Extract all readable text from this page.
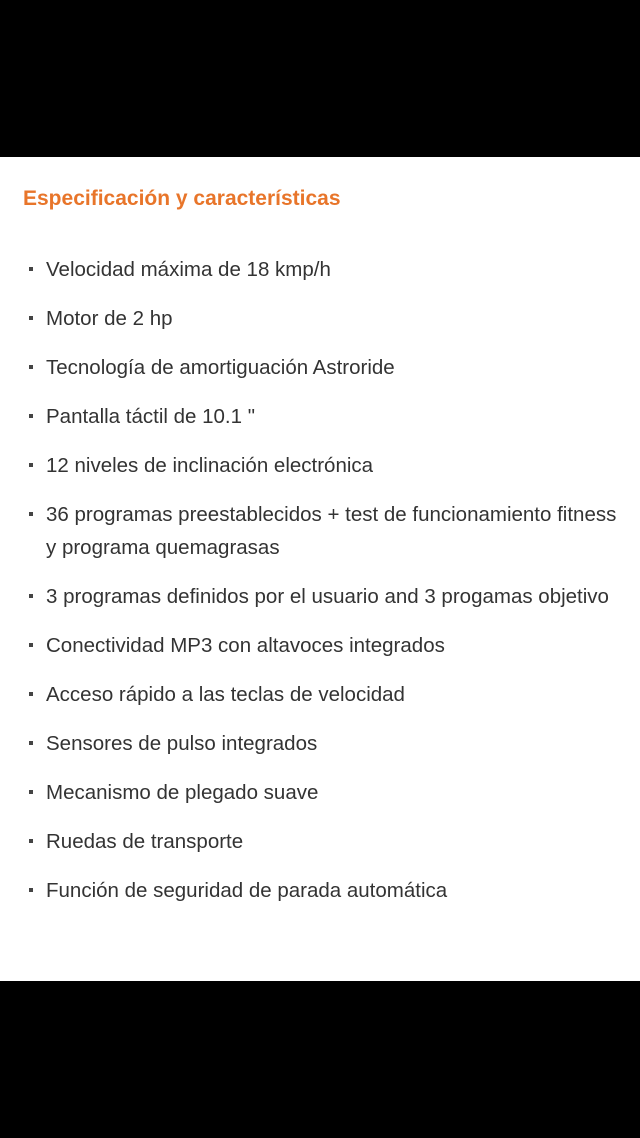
Especificación y características
Velocidad máxima de 18 kmp/h
Motor de 2 hp
Tecnología de amortiguación Astroride
Pantalla táctil de 10.1 "
12 niveles de inclinación electrónica
36 programas preestablecidos + test de funcionamiento fitness y programa quemagrasas
3 programas definidos por el usuario and 3 progamas objetivo
Conectividad MP3 con altavoces integrados
Acceso rápido a las teclas de velocidad
Sensores de pulso integrados
Mecanismo de plegado suave
Ruedas de transporte
Función de seguridad de parada automática
